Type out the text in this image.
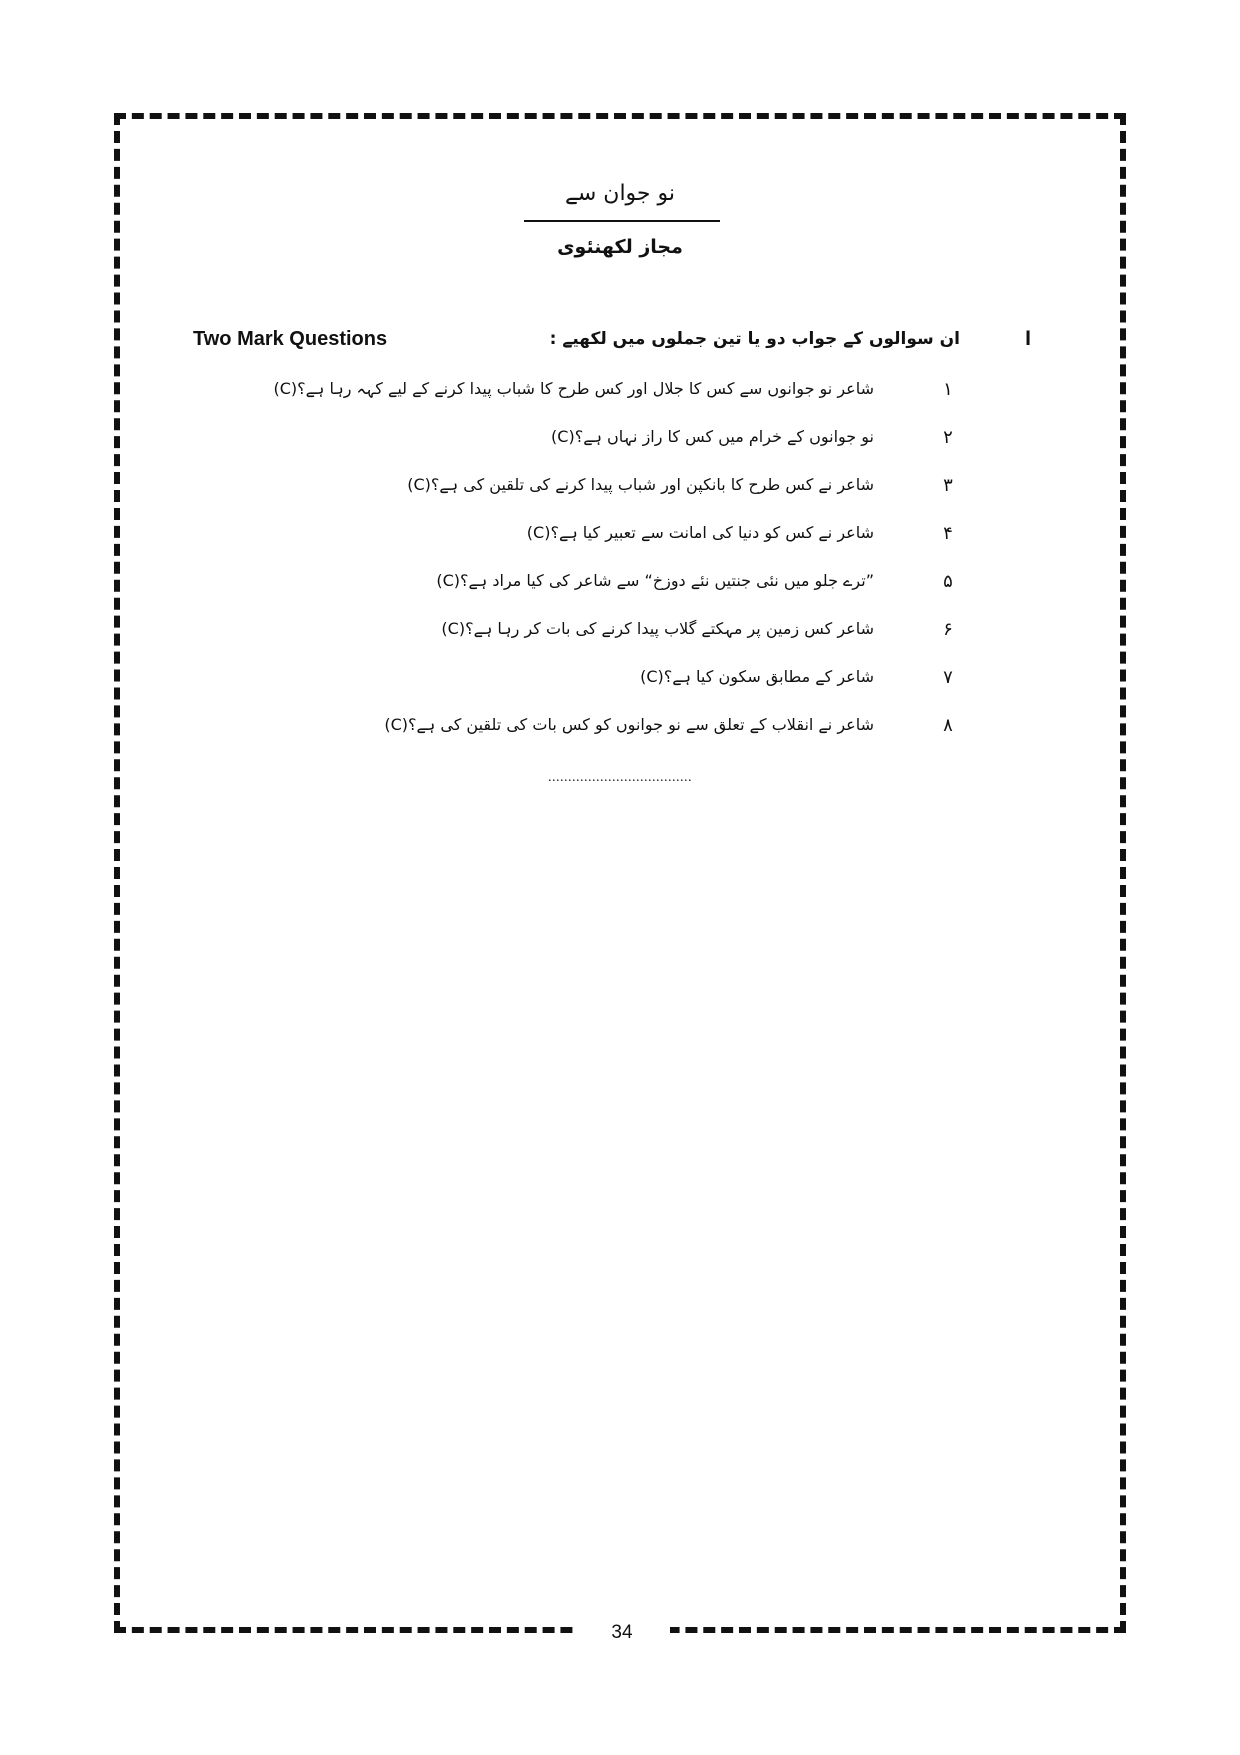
34
نو جوان سے
مجاز لکھنئوی
I
ان سوالوں کے جواب دو یا تین جملوں میں لکھیے :
Two Mark Questions
۱
شاعر نو جوانوں سے کس کا جلال اور کس طرح کا شباب پیدا کرنے کے لیے کہہ رہا ہے؟(C)
۲
نو جوانوں کے خرام میں کس کا راز نہاں ہے؟(C)
۳
شاعر نے کس طرح کا بانکپن اور شباب پیدا کرنے کی تلقین کی ہے؟(C)
۴
شاعر نے کس کو دنیا کی امانت سے تعبیر کیا ہے؟(C)
۵
”ترے جلو میں نئی جنتیں نئے دوزخ“ سے شاعر کی کیا مراد ہے؟(C)
۶
شاعر کس زمین پر مہکتے گلاب پیدا کرنے کی بات کر رہا ہے؟(C)
۷
شاعر کے مطابق سکون کیا ہے؟(C)
۸
شاعر نے انقلاب کے تعلق سے نو جوانوں کو کس بات کی تلقین کی ہے؟(C)
....................................
